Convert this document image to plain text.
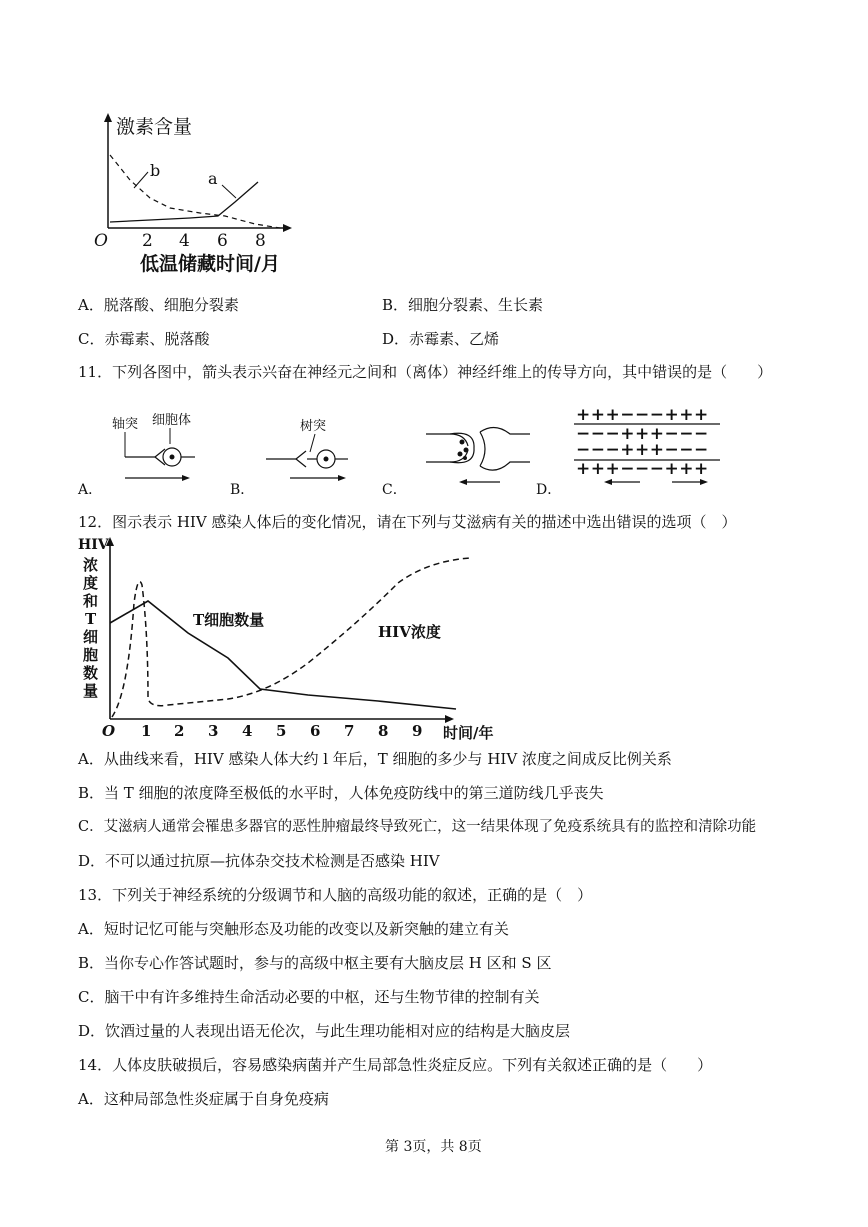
b	a
激素含量
O 2 4 6 8
低温储藏时间/月
A．脱落酸、细胞分裂素	B．细胞分裂素、生长素
C．赤霉素、脱落酸	D．赤霉素、乙烯
11．下列各图中，箭头表示兴奋在神经元之间和（离体）神经纤维上的传导方向，其中错误的是（　　）
轴突 细胞体
A．
树突
B．	C．
+++−−−+++
−−−+++−−−
−−−+++−−−
+++−−−+++
D．
12．图示表示 HIV 感染人体后的变化情况，请在下列与艾滋病有关的描述中选出错误的选项（　）
HIV
浓
度
和
T
细
胞
数
量
T细胞数量
HIV浓度
O 1 2 3 4 5 6 7 8 9 时间/年
A．从曲线来看，HIV 感染人体大约 l 年后，T 细胞的多少与 HIV 浓度之间成反比例关系
B．当 T 细胞的浓度降至极低的水平时，人体免疫防线中的第三道防线几乎丧失
C．艾滋病人通常会罹患多器官的恶性肿瘤最终导致死亡，这一结果体现了免疫系统具有的监控和清除功能
D．不可以通过抗原—抗体杂交技术检测是否感染 HIV
13．下列关于神经系统的分级调节和人脑的高级功能的叙述，正确的是（　）
A．短时记忆可能与突触形态及功能的改变以及新突触的建立有关
B．当你专心作答试题时，参与的高级中枢主要有大脑皮层 H 区和 S 区
C．脑干中有许多维持生命活动必要的中枢，还与生物节律的控制有关
D．饮酒过量的人表现出语无伦次，与此生理功能相对应的结构是大脑皮层
14．人体皮肤破损后，容易感染病菌并产生局部急性炎症反应。下列有关叙述正确的是（　　）
A．这种局部急性炎症属于自身免疫病
第 3页，共 8页
